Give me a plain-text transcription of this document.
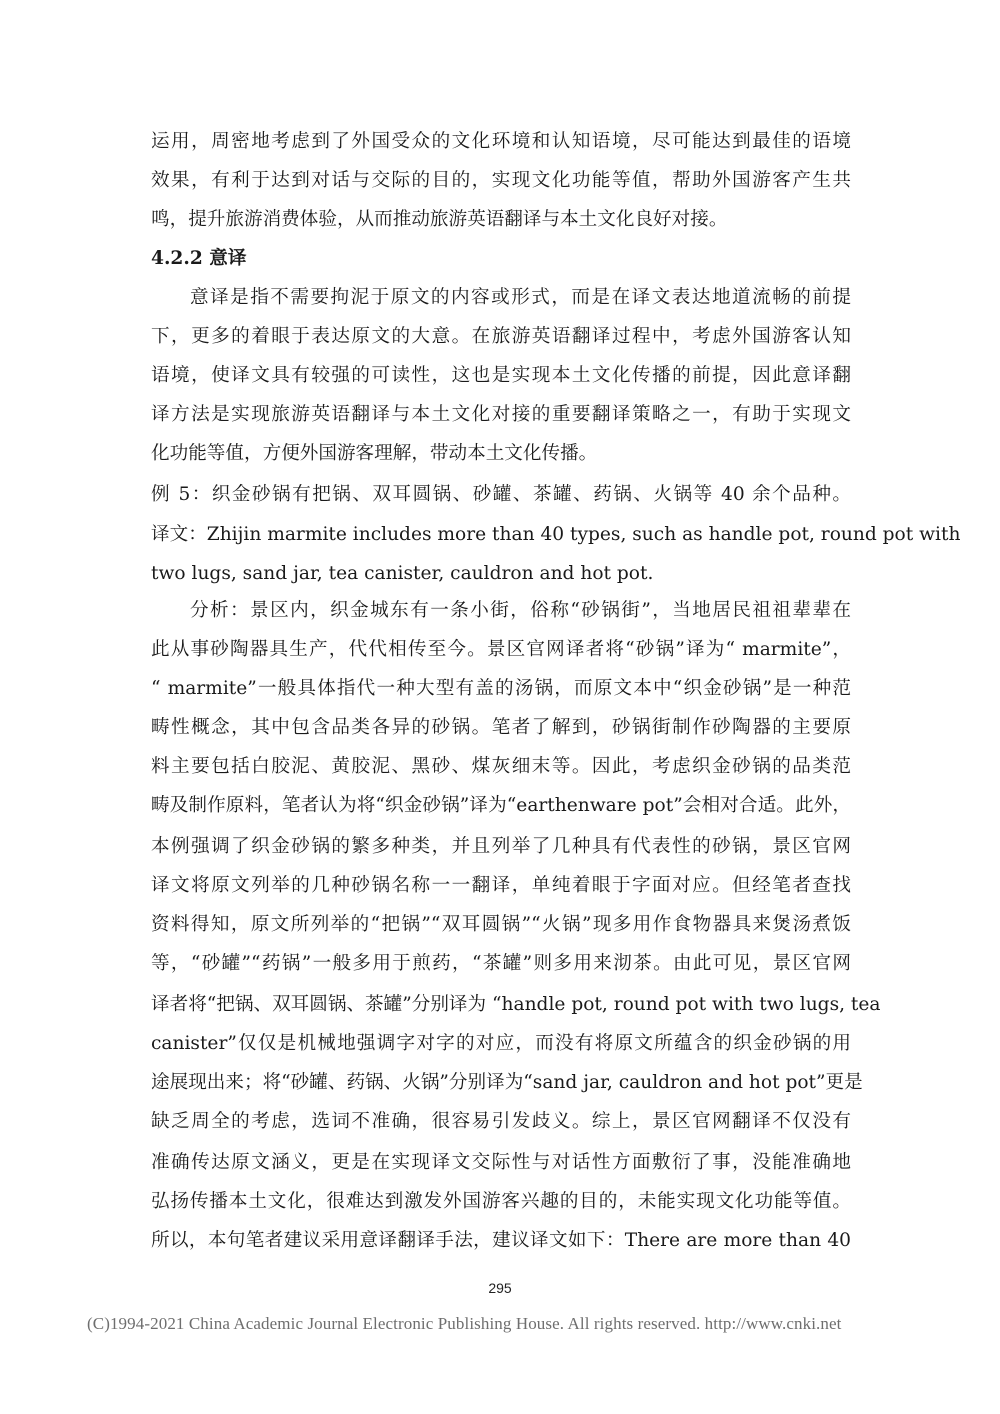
运用，周密地考虑到了外国受众的文化环境和认知语境，尽可能达到最佳的语境
效果，有利于达到对话与交际的目的，实现文化功能等值，帮助外国游客产生共
鸣，提升旅游消费体验，从而推动旅游英语翻译与本土文化良好对接。
4.2.2 意译
意译是指不需要拘泥于原文的内容或形式，而是在译文表达地道流畅的前提
下，更多的着眼于表达原文的大意。在旅游英语翻译过程中，考虑外国游客认知
语境，使译文具有较强的可读性，这也是实现本土文化传播的前提，因此意译翻
译方法是实现旅游英语翻译与本土文化对接的重要翻译策略之一，有助于实现文
化功能等值，方便外国游客理解，带动本土文化传播。
例 5：织金砂锅有把锅、双耳圆锅、砂罐、茶罐、药锅、火锅等 40 余个品种。
译文：Zhijin marmite includes more than 40 types, such as handle pot, round pot with
two lugs, sand jar, tea canister, cauldron and hot pot.
分析：景区内，织金城东有一条小街，俗称“砂锅街”，当地居民祖祖辈辈在
此从事砂陶器具生产，代代相传至今。景区官网译者将“砂锅”译为“ marmite”，
“ marmite”一般具体指代一种大型有盖的汤锅，而原文本中“织金砂锅”是一种范
畴性概念，其中包含品类各异的砂锅。笔者了解到，砂锅街制作砂陶器的主要原
料主要包括白胶泥、黄胶泥、黑砂、煤灰细末等。因此，考虑织金砂锅的品类范
畴及制作原料，笔者认为将“织金砂锅”译为“earthenware pot”会相对合适。此外，
本例强调了织金砂锅的繁多种类，并且列举了几种具有代表性的砂锅，景区官网
译文将原文列举的几种砂锅名称一一翻译，单纯着眼于字面对应。但经笔者查找
资料得知，原文所列举的“把锅”“双耳圆锅”“火锅”现多用作食物器具来煲汤煮饭
等，“砂罐”“药锅”一般多用于煎药，“茶罐”则多用来沏茶。由此可见，景区官网
译者将“把锅、双耳圆锅、茶罐”分别译为 “handle pot, round pot with two lugs, tea
canister”仅仅是机械地强调字对字的对应，而没有将原文所蕴含的织金砂锅的用
途展现出来；将“砂罐、药锅、火锅”分别译为“sand jar, cauldron and hot pot”更是
缺乏周全的考虑，选词不准确，很容易引发歧义。综上，景区官网翻译不仅没有
准确传达原文涵义，更是在实现译文交际性与对话性方面敷衍了事，没能准确地
弘扬传播本土文化，很难达到激发外国游客兴趣的目的，未能实现文化功能等值。
所以，本句笔者建议采用意译翻译手法，建议译文如下：There are more than 40
295
(C)1994-2021 China Academic Journal Electronic Publishing House. All rights reserved. http://www.cnki.net
